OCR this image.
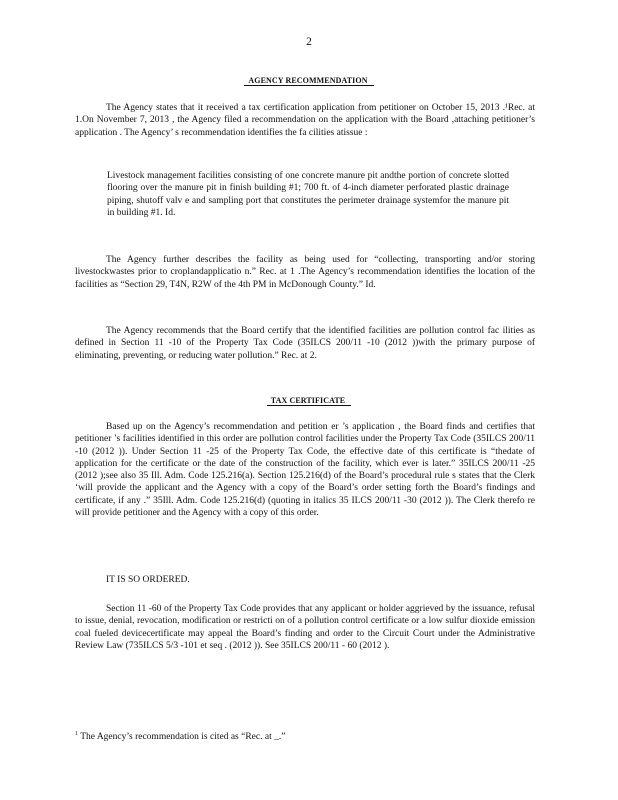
2
AGENCY RECOMMENDATION

The Agency states that it received a tax certification application from petitioner on October 15, 2013 .¹Rec. at 1.On November 7, 2013 , the Agency filed a recommendation on the application with the Board ,attaching petitioner’s application . The Agency’ s recommendation identifies the fa cilities atissue :

Livestock management facilities consisting of one concrete manure pit andthe portion of concrete slotted flooring over the manure pit in finish building #1; 700 ft. of 4-inch diameter perforated plastic drainage piping, shutoff valv e and sampling port that constitutes the perimeter drainage systemfor the manure pit in building #1. Id.

The Agency further describes the facility as being used for “collecting, transporting and/or storing livestockwastes prior to croplandapplicatio n.” Rec. at 1 .The Agency’s recommendation identifies the location of the facilities as “Section 29, T4N, R2W of the 4th PM in McDonough County.” Id.

The Agency recommends that the Board certify that the identified facilities are pollution control fac ilities as defined in Section 11 -10 of the Property Tax Code (35ILCS 200/11 -10 (2012 ))with the primary purpose of eliminating, preventing, or reducing water pollution.” Rec. at 2.

TAX CERTIFICATE

Based up on the Agency’s recommendation and petition er ’s application , the Board finds and certifies that petitioner ’s facilities identified in this order are pollution control facilities under the Property Tax Code (35ILCS 200/11 -10 (2012 )). Under Section 11 -25 of the Property Tax Code, the effective date of this certificate is “thedate of application for the certificate or the date of the construction of the facility, which ever is later.” 35ILCS 200/11 -25 (2012 );see also 35 Ill. Adm. Code 125.216(a). Section 125.216(d) of the Board’s procedural rule s states that the Clerk ‘will provide the applicant and the Agency with a copy of the Board’s order setting forth the Board’s findings and certificate, if any .” 35Ill. Adm. Code 125.216(d) (quoting in italics 35 ILCS 200/11 -30 (2012 )). The Clerk therefo re will provide petitioner and the Agency with a copy of this order.

IT IS SO ORDERED.

Section 11 -60 of the Property Tax Code provides that any applicant or holder aggrieved by the issuance, refusal to issue, denial, revocation, modification or restricti on of a pollution control certificate or a low sulfur dioxide emission coal fueled devicecertificate may appeal the Board’s finding and order to the Circuit Court under the Administrative Review Law (735ILCS 5/3 -101 et seq . (2012 )). See 35ILCS 200/11 - 60 (2012 ).

$^1$ The Agency’s recommendation is cited as “Rec. at _.”
